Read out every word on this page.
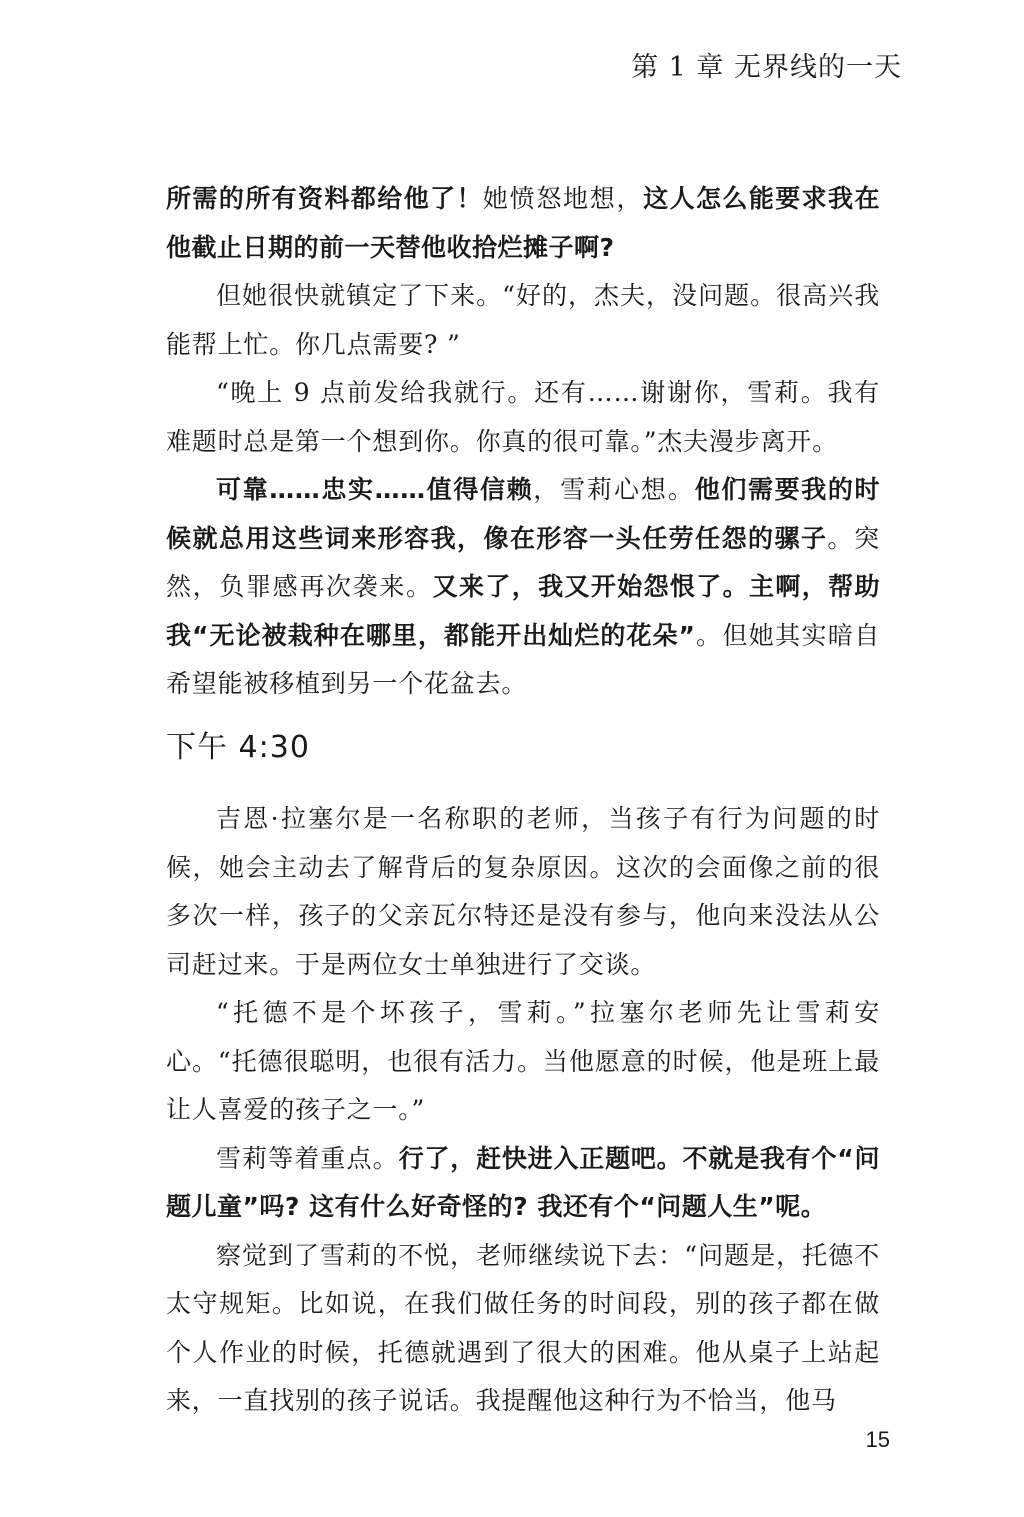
第 1 章 无界线的一天

所需的所有资料都给他了！她愤怒地想，这人怎么能要求我在他截止日期的前一天替他收拾烂摊子啊?

但她很快就镇定了下来。“好的，杰夫，没问题。很高兴我能帮上忙。你几点需要? ”

“晚上 9 点前发给我就行。还有……谢谢你，雪莉。我有难题时总是第一个想到你。你真的很可靠。”杰夫漫步离开。

可靠……忠实……值得信赖，雪莉心想。他们需要我的时候就总用这些词来形容我，像在形容一头任劳任怨的骡子。突然，负罪感再次袭来。又来了，我又开始怨恨了。主啊，帮助我“无论被栽种在哪里，都能开出灿烂的花朵”。但她其实暗自希望能被移植到另一个花盆去。

下午 4:30

吉恩·拉塞尔是一名称职的老师，当孩子有行为问题的时候，她会主动去了解背后的复杂原因。这次的会面像之前的很多次一样，孩子的父亲瓦尔特还是没有参与，他向来没法从公司赶过来。于是两位女士单独进行了交谈。

“托德不是个坏孩子，雪莉。”拉塞尔老师先让雪莉安心。“托德很聪明，也很有活力。当他愿意的时候，他是班上最让人喜爱的孩子之一。”

雪莉等着重点。行了，赶快进入正题吧。不就是我有个“问题儿童”吗? 这有什么好奇怪的? 我还有个“问题人生”呢。

察觉到了雪莉的不悦，老师继续说下去：“问题是，托德不太守规矩。比如说，在我们做任务的时间段，别的孩子都在做个人作业的时候，托德就遇到了很大的困难。他从桌子上站起来，一直找别的孩子说话。我提醒他这种行为不恰当，他马

15
